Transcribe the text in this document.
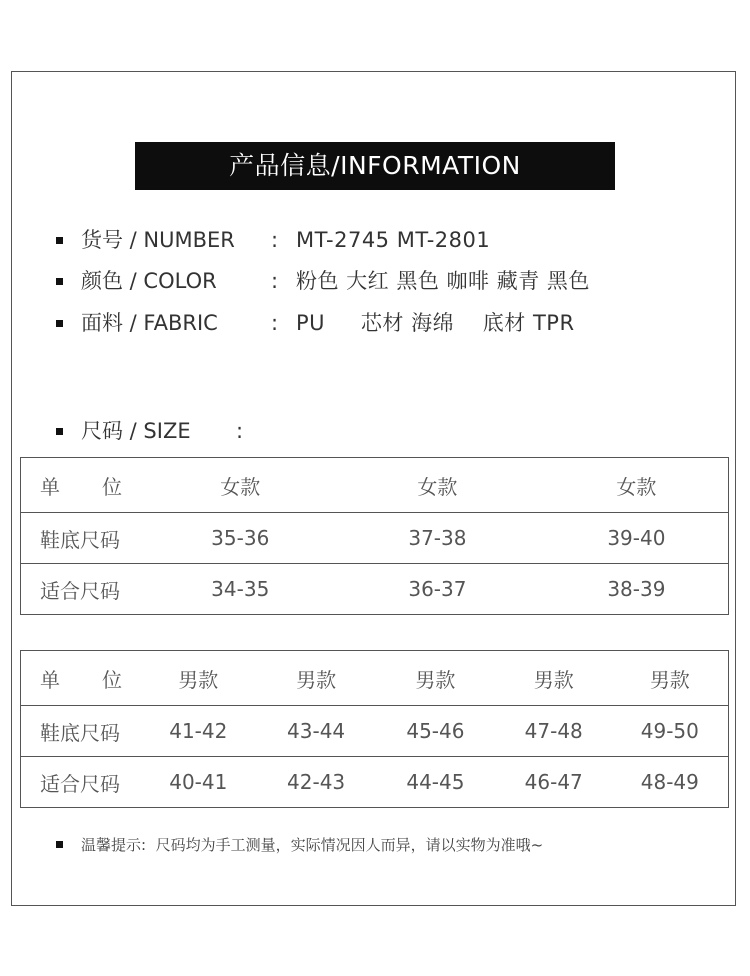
产品信息/INFORMATION
货号 / NUMBER : MT-2745 MT-2801
颜色 / COLOR	: 粉色 大红 黑色 咖啡 藏青 黑色
面料 / FABRIC	: PU     芯材 海绵    底材 TPR
尺码 / SIZE :
单 位	女款	女款	女款
鞋底尺码	35-36	37-38	39-40
适合尺码	34-35	36-37	38-39
单 位	男款	男款	男款	男款	男款
鞋底尺码	41-42	43-44	45-46	47-48	49-50
适合尺码	40-41	42-43	44-45	46-47	48-49
温馨提示:  尺码均为手工测量，实际情况因人而异，请以实物为准哦~
